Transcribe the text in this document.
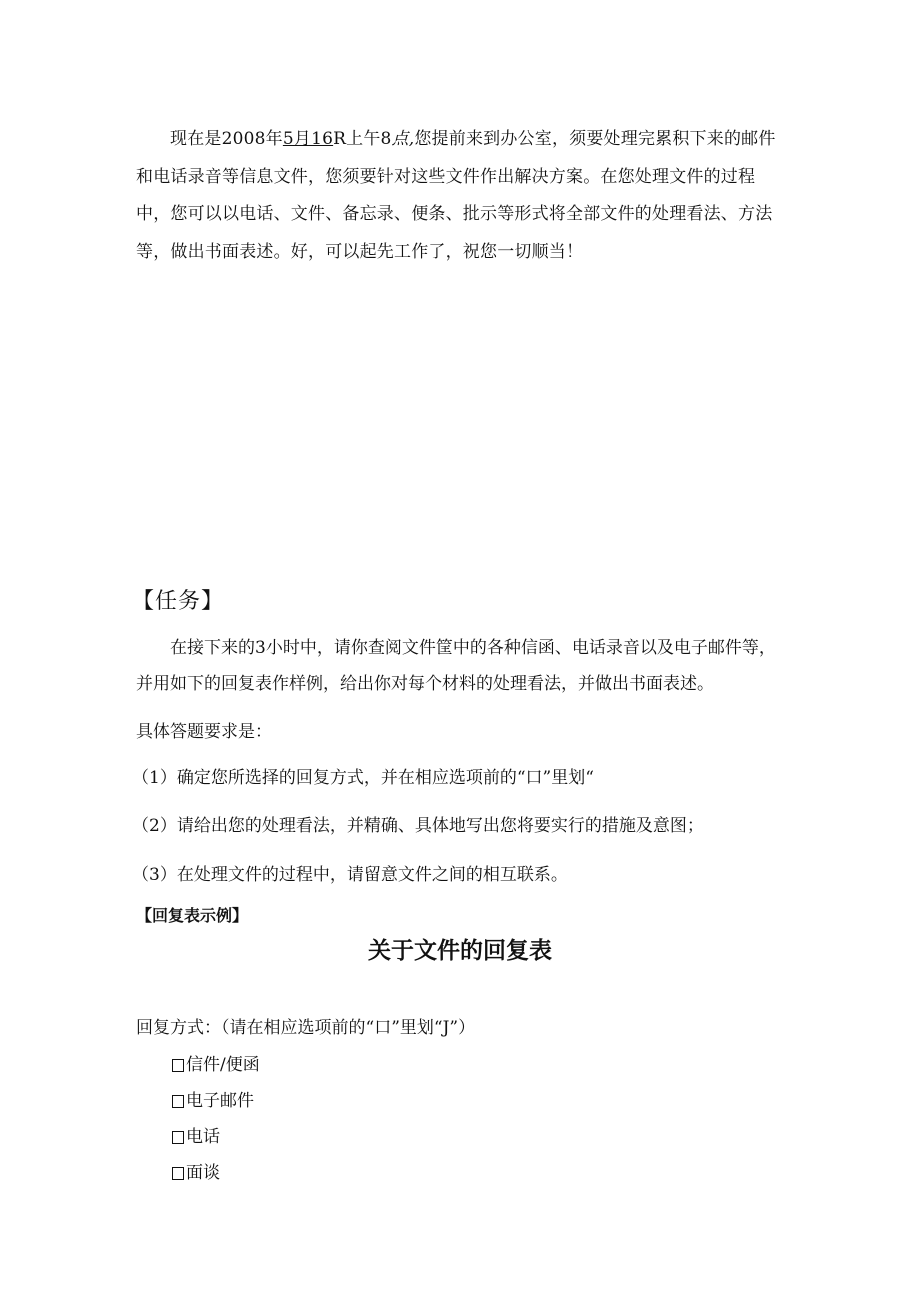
现在是2008年5月16R上午8点,您提前来到办公室，须要处理完累积下来的邮件和电话录音等信息文件，您须要针对这些文件作出解决方案。在您处理文件的过程中，您可以以电话、文件、备忘录、便条、批示等形式将全部文件的处理看法、方法等，做出书面表述。好，可以起先工作了，祝您一切顺当！

【任务】

在接下来的3小时中，请你查阅文件筐中的各种信函、电话录音以及电子邮件等，并用如下的回复表作样例，给出你对每个材料的处理看法，并做出书面表述。

具体答题要求是：

（1）确定您所选择的回复方式，并在相应选项前的“口”里划“

（2）请给出您的处理看法，并精确、具体地写出您将要实行的措施及意图；

（3）在处理文件的过程中，请留意文件之间的相互联系。

【回复表示例】

关于文件的回复表

回复方式：（请在相应选项前的“口”里划“J”）

信件/便函
电子邮件
电话
面谈
